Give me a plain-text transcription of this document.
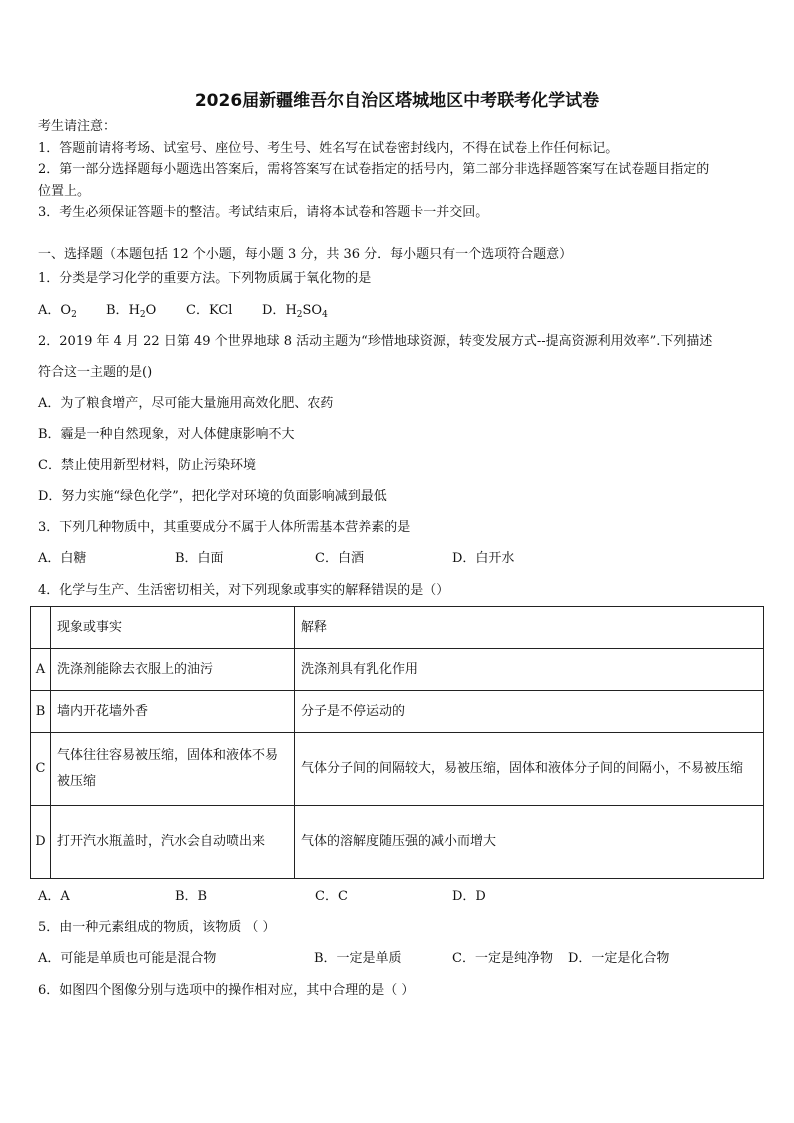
2026届新疆维吾尔自治区塔城地区中考联考化学试卷
考生请注意：
1．答题前请将考场、试室号、座位号、考生号、姓名写在试卷密封线内，不得在试卷上作任何标记。
2．第一部分选择题每小题选出答案后，需将答案写在试卷指定的括号内，第二部分非选择题答案写在试卷题目指定的
位置上。
3．考生必须保证答题卡的整洁。考试结束后，请将本试卷和答题卡一并交回。
一、选择题（本题包括 12 个小题，每小题 3 分，共 36 分．每小题只有一个选项符合题意）
1．分类是学习化学的重要方法。下列物质属于氧化物的是
A．$O_2$ B．$H_2O$ C．KCl D．$H_2SO_4$
2．2019 年 4 月 22 日第 49 个世界地球 8 活动主题为“珍惜地球资源，转变发展方式-‐提高资源利用效率”.下列描述
符合这一主题的是()
A．为了粮食增产，尽可能大量施用高效化肥、农药
B．霾是一种自然现象，对人体健康影响不大
C．禁止使用新型材料，防止污染环境
D．努力实施“绿色化学”，把化学对环境的负面影响减到最低
3．下列几种物质中，其重要成分不属于人体所需基本营养素的是
A．白糖	B．白面	C．白酒	D．白开水
4．化学与生产、生活密切相关，对下列现象或事实的解释错误的是（）
	现象或事实	解释
A	洗涤剂能除去衣服上的油污	洗涤剂具有乳化作用
B	墙内开花墙外香	分子是不停运动的
C	气体往往容易被压缩，固体和液体不易被压缩	气体分子间的间隔较大，易被压缩，固体和液体分子间的间隔小，不易被压缩
D	打开汽水瓶盖时，汽水会自动喷出来	气体的溶解度随压强的减小而增大
A．A	B．B	C．C	D．D
5．由一种元素组成的物质，该物质 （ ）
A．可能是单质也可能是混合物	B．一定是单质	C．一定是纯净物 D．一定是化合物
6．如图四个图像分别与选项中的操作相对应，其中合理的是（ ）
